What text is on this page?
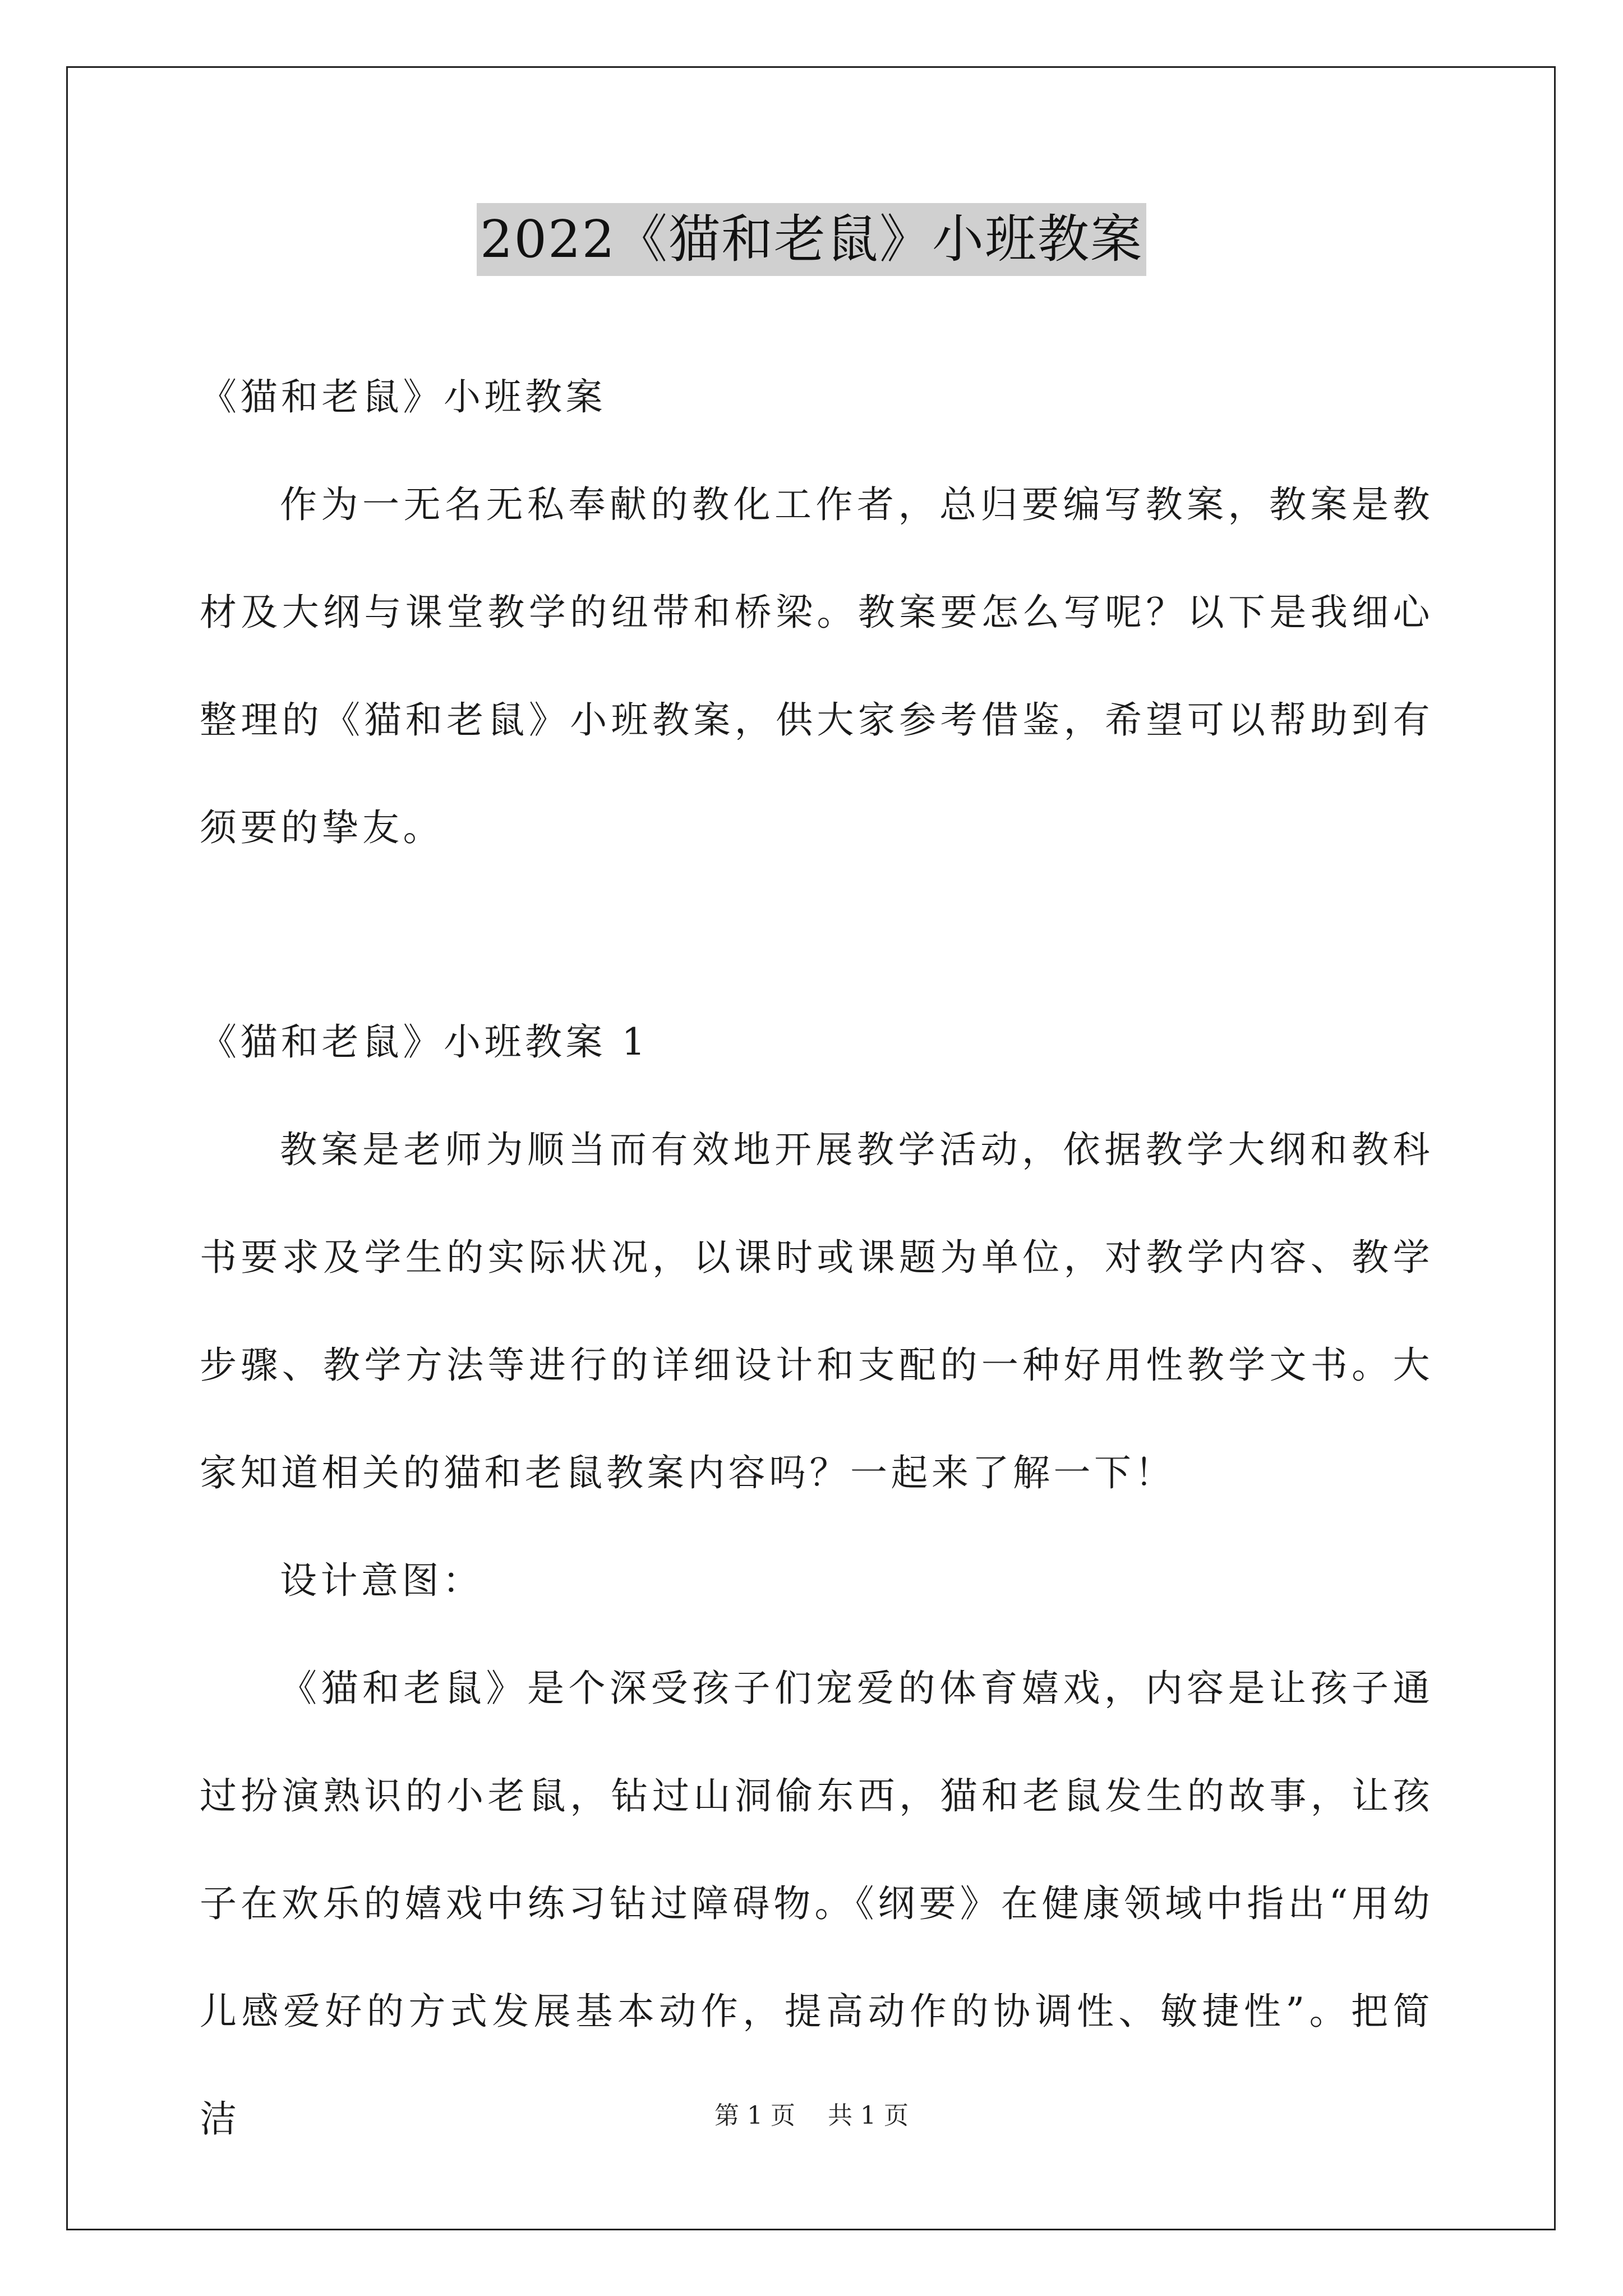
2022《猫和老鼠》小班教案

《猫和老鼠》小班教案

作为一无名无私奉献的教化工作者，总归要编写教案，教案是教材及大纲与课堂教学的纽带和桥梁。教案要怎么写呢？以下是我细心整理的《猫和老鼠》小班教案，供大家参考借鉴，希望可以帮助到有须要的挚友。

《猫和老鼠》小班教案 1

教案是老师为顺当而有效地开展教学活动，依据教学大纲和教科书要求及学生的实际状况，以课时或课题为单位，对教学内容、教学步骤、教学方法等进行的详细设计和支配的一种好用性教学文书。大家知道相关的猫和老鼠教案内容吗？一起来了解一下！

设计意图：

《猫和老鼠》是个深受孩子们宠爱的体育嬉戏，内容是让孩子通过扮演熟识的小老鼠，钻过山洞偷东西，猫和老鼠发生的故事，让孩子在欢乐的嬉戏中练习钻过障碍物。《纲要》在健康领域中指出“用幼儿感爱好的方式发展基本动作，提高动作的协调性、敏捷性”。把简洁	第 1 页 共 1 页
